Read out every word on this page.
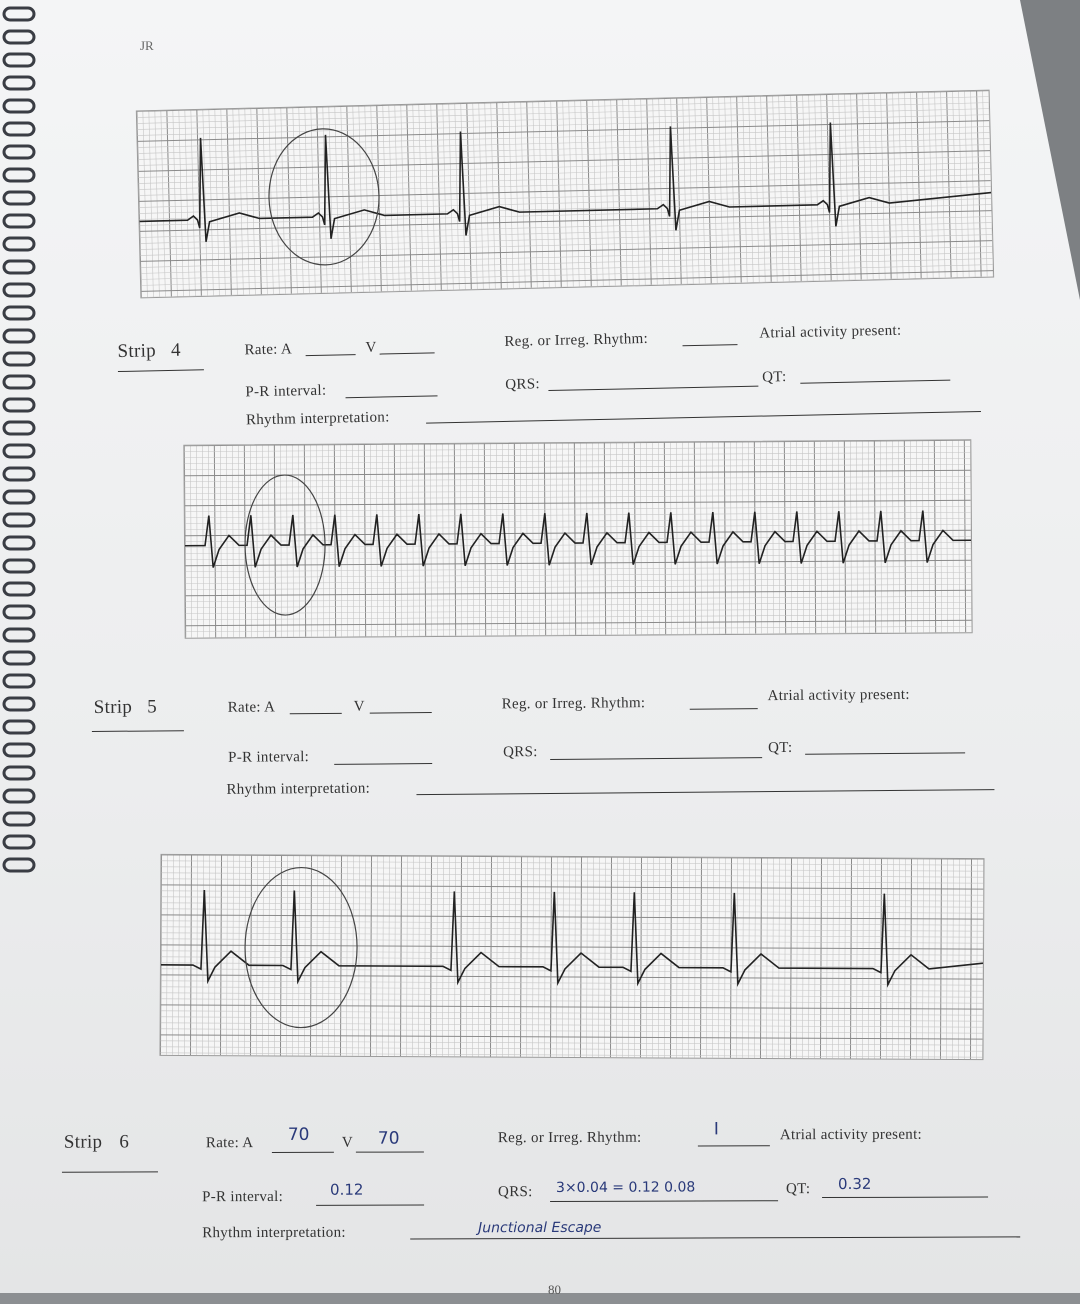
JR
Strip 4	Rate: A	V	Reg. or Irreg. Rhythm:	Atrial activity present:
P-R interval:	QRS:	QT:
Rhythm interpretation:
Strip 5	Rate: A	V	Reg. or Irreg. Rhythm:	Atrial activity present:
P-R interval:	QRS:	QT:
Rhythm interpretation:
Strip 6	Rate: A 70 V 70	Reg. or Irreg. Rhythm:	I	Atrial activity present:
P-R interval:	0.12	QRS: 3×0.04 = 0.12 0.08	QT: 0.32
Rhythm interpretation:	Junctional Escape
80
